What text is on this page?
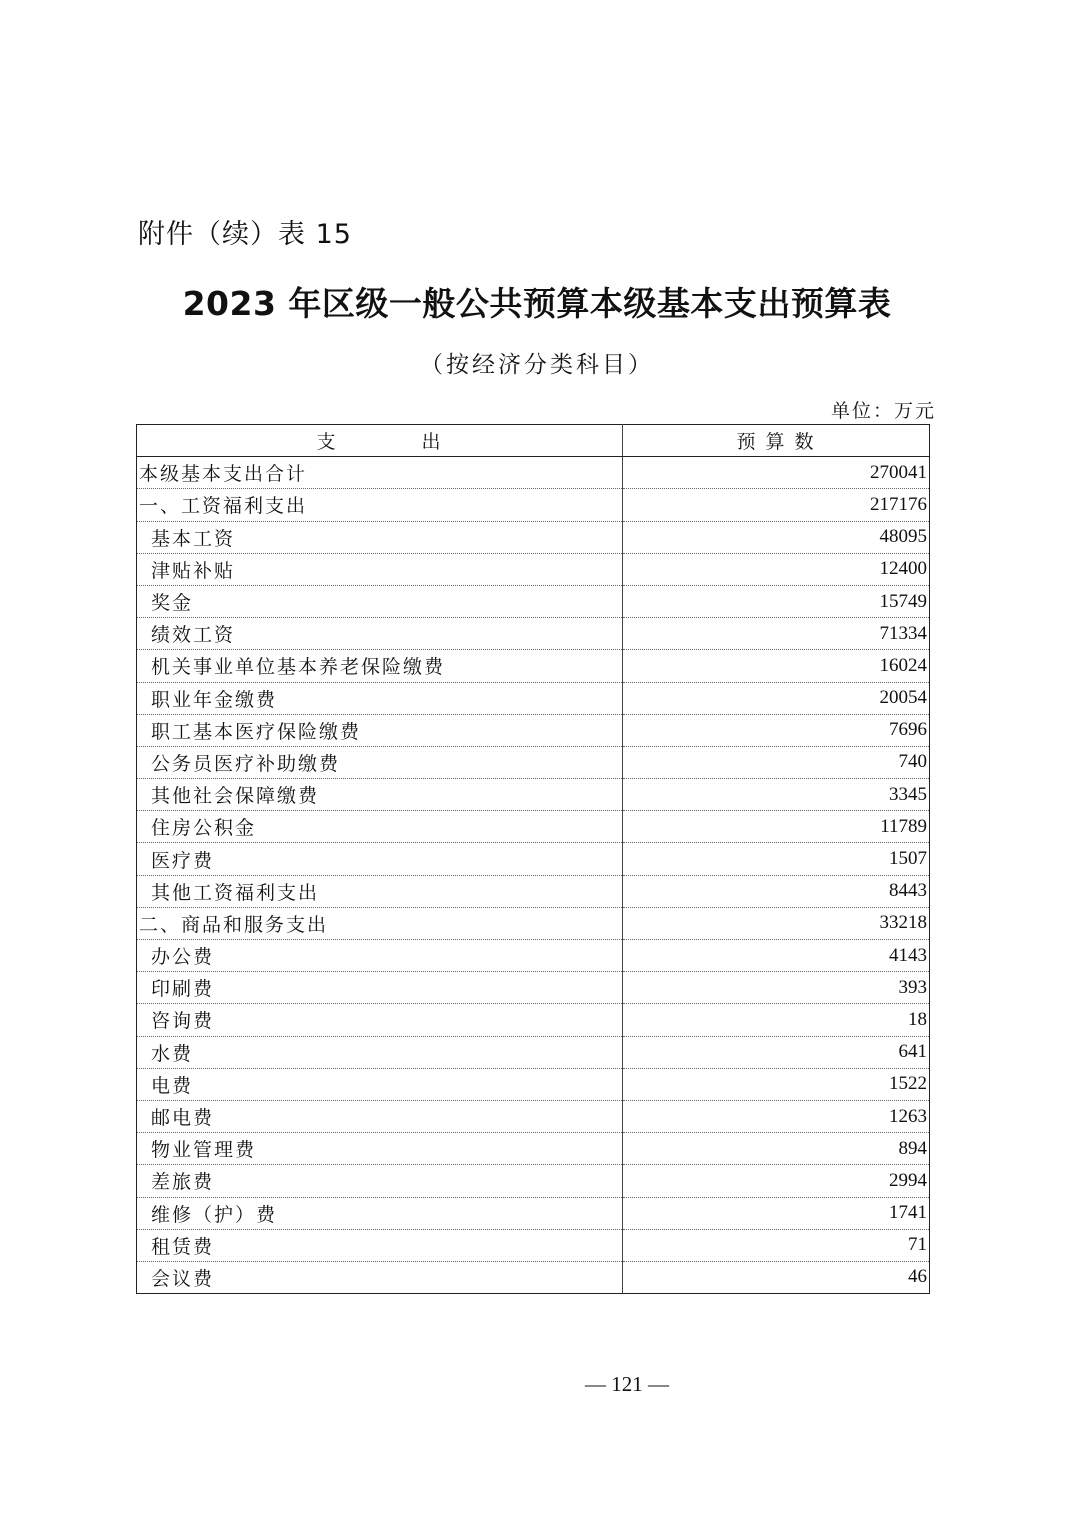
附件（续）表 15
2023 年区级一般公共预算本级基本支出预算表
（按经济分类科目）
单位：万元
支　　　　出	预 算 数
本级基本支出合计	270041
一、工资福利支出	217176
基本工资	48095
津贴补贴	12400
奖金	15749
绩效工资	71334
机关事业单位基本养老保险缴费	16024
职业年金缴费	20054
职工基本医疗保险缴费	7696
公务员医疗补助缴费	740
其他社会保障缴费	3345
住房公积金	11789
医疗费	1507
其他工资福利支出	8443
二、商品和服务支出	33218
办公费	4143
印刷费	393
咨询费	18
水费	641
电费	1522
邮电费	1263
物业管理费	894
差旅费	2994
维修（护）费	1741
租赁费	71
会议费	46
— 121 —
